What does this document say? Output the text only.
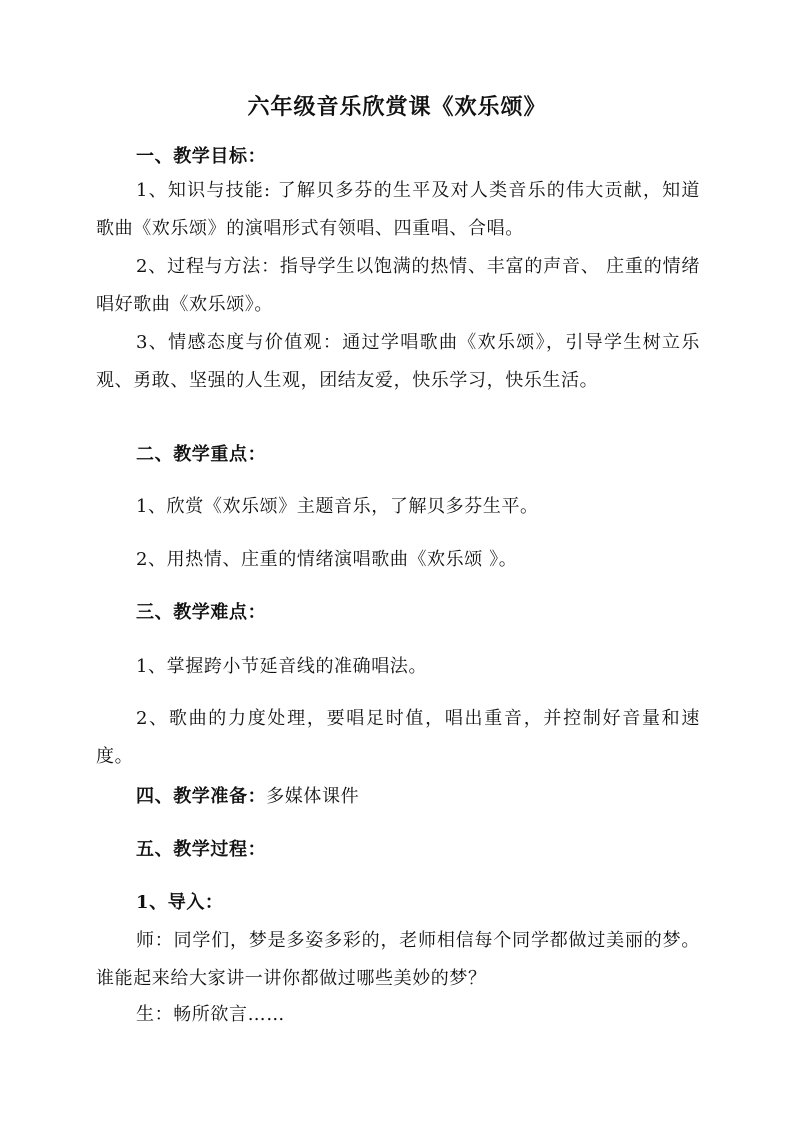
六年级音乐欣赏课《欢乐颂》
一、教学目标：

1、知识与技能: 了解贝多芬的生平及对人类音乐的伟大贡献，知道歌曲《欢乐颂》的演唱形式有领唱、四重唱、合唱。

2、过程与方法：指导学生以饱满的热情、丰富的声音、 庄重的情绪唱好歌曲《欢乐颂》。

3、情感态度与价值观：通过学唱歌曲《欢乐颂》，引导学生树立乐观、勇敢、坚强的人生观，团结友爱，快乐学习，快乐生活。

二、教学重点：
1、欣赏《欢乐颂》主题音乐，了解贝多芬生平。
2、用热情、庄重的情绪演唱歌曲《欢乐颂 》。
三、教学难点：
1、掌握跨小节延音线的准确唱法。

2、歌曲的力度处理，要唱足时值，唱出重音，并控制好音量和速度。

四、教学准备：多媒体课件
五、教学过程：
1、导入：

师：同学们，梦是多姿多彩的，老师相信每个同学都做过美丽的梦。谁能起来给大家讲一讲你都做过哪些美妙的梦？

生：畅所欲言……
